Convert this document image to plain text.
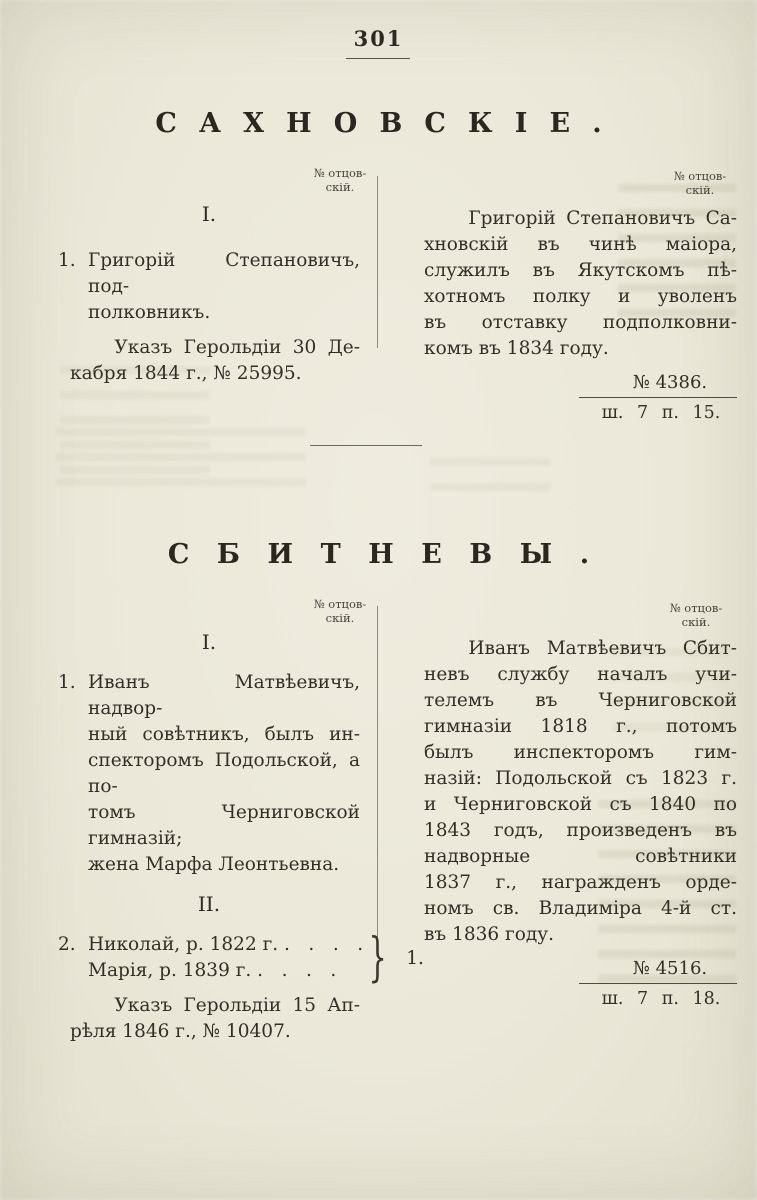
301
САХНОВСКІЕ.
№ отцов-
скій.
№ отцов-
скій.
I.
1. Григорій Степановичъ, под-
полковникъ.
Указъ Герольдіи 30 Де-
кабря 1844 г., № 25995.
Григорій Степановичъ Са-
хновскій въ чинѣ маіора,
служилъ въ Якутскомъ пѣ-
хотномъ полку и уволенъ
въ отставку подполковни-
комъ въ 1834 году.
№ 4386.
ш. 7 п. 15.
СБИТНЕВЫ.
№ отцов-
скій.
№ отцов-
скій.
I.
1. Иванъ Матвѣевичъ, надвор-
ный совѣтникъ, былъ ин-
спекторомъ Подольской, а по-
томъ Черниговской гимназій;
жена Марфа Леонтьевна.
II.
2. Николай, р. 1822 г. . . . .
Марія, р. 1839 г. . . . . } 1.
Указъ Герольдіи 15 Ап-
рѣля 1846 г., № 10407.
Иванъ Матвѣевичъ Сбит-
невъ службу началъ учи-
телемъ въ Черниговской
гимназіи 1818 г., потомъ
былъ инспекторомъ гим-
назій: Подольской съ 1823 г.
и Черниговской съ 1840 по
1843 годъ, произведенъ въ
надворные совѣтники
1837 г., награжденъ орде-
номъ св. Владиміра 4-й ст.
въ 1836 году.
№ 4516.
ш. 7 п. 18.
